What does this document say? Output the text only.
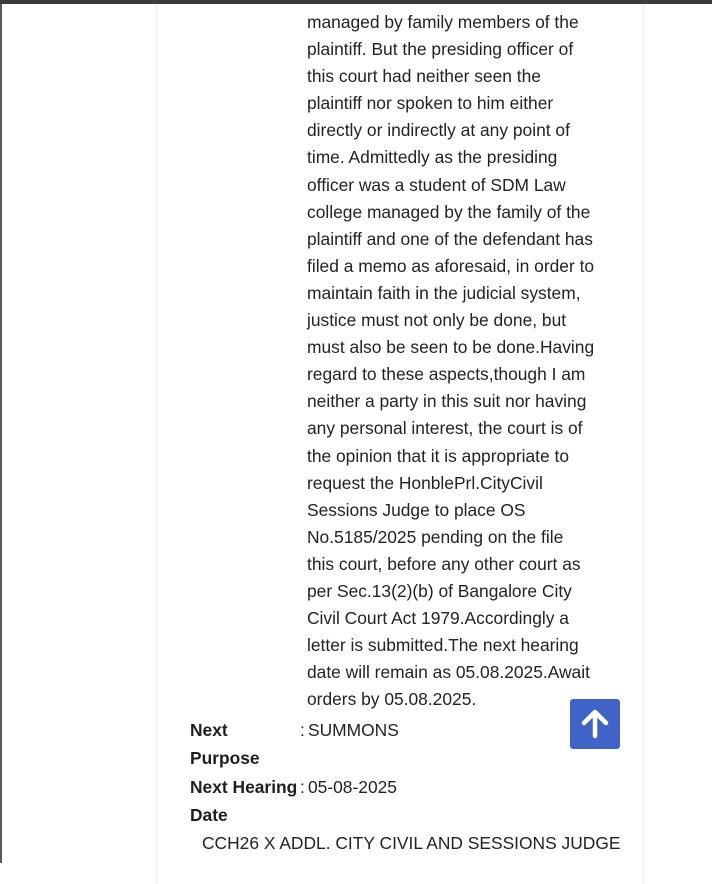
managed by family members of the
plaintiff. But the presiding officer of
this court had neither seen the
plaintiff nor spoken to him either
directly or indirectly at any point of
time. Admittedly as the presiding
officer was a student of SDM Law
college managed by the family of the
plaintiff and one of the defendant has
filed a memo as aforesaid, in order to
maintain faith in the judicial system,
justice must not only be done, but
must also be seen to be done.Having
regard to these aspects,though I am
neither a party in this suit nor having
any personal interest, the court is of
the opinion that it is appropriate to
request the HonblePrl.CityCivil
Sessions Judge to place OS
No.5185/2025 pending on the file
this court, before any other court as
per Sec.13(2)(b) of Bangalore City
Civil Court Act 1979.Accordingly a
letter is submitted.The next hearing
date will remain as 05.08.2025.Await
orders by 05.08.2025.
Next
Purpose
: SUMMONS
Next Hearing
Date
: 05-08-2025
CCH26 X ADDL. CITY CIVIL AND SESSIONS JUDGE
